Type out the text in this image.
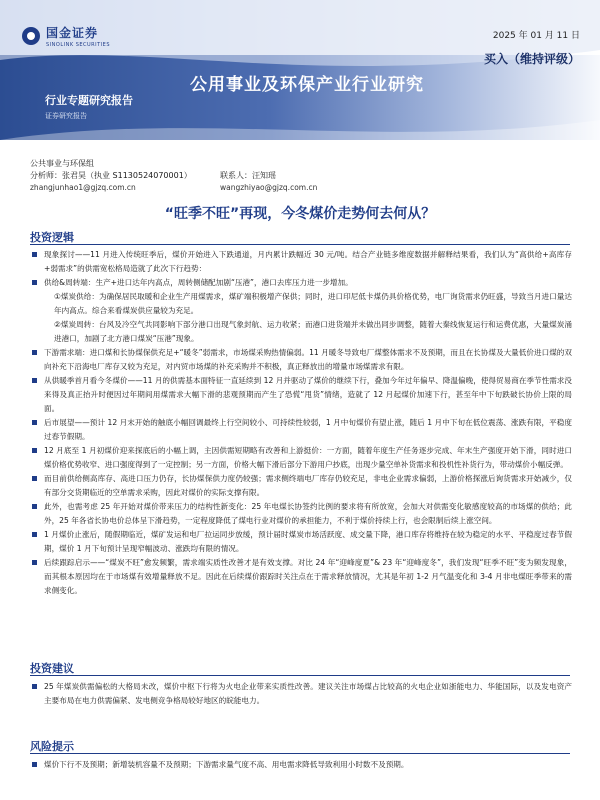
国金证券
SINOLINK SECURITIES
2025 年 01 月 11 日
买入（维持评级）
公用事业及环保产业行业研究
行业专题研究报告
证券研究报告
公共事业与环保组
分析师：张君昊（执业 S1130524070001）
zhangjunhao1@gjzq.com.cn
联系人：汪知瑶
wangzhiyao@gjzq.com.cn
“旺季不旺”再现，今冬煤价走势何去何从？
投资逻辑
现象探讨——11 月进入传统旺季后，煤价开始进入下跌通道，月内累计跌幅近 30 元/吨。结合产业链多维度数据并解释结果看，我们认为“高供给+高库存+弱需求”的供需宽松格局造就了此次下行趋势：
供给&周转端：生产+进口达年内高点，周转侧储配加剧“压港”，港口去库压力进一步增加。
①煤炭供给：为确保居民取暖和企业生产用煤需求，煤矿端积极增产保供；同时，进口印尼低卡煤仍具价格优势，电厂询货需求仍旺盛，导致当月进口量达年内高点。综合来看煤炭供应量较为充足。
②煤炭周转：台风及冷空气共同影响下部分港口出现气象封航、运力收紧；而港口进货端并未做出同步调整，随着大秦线恢复运行和运费优惠，大量煤炭涌进港口，加剧了北方港口煤炭“压港”现象。
下游需求端：进口煤和长协煤保供充足+“暖冬”弱需求，市场煤采购热情偏弱。11 月暖冬导致电厂煤整体需求不及预期，而且在长协煤及大量低价进口煤的双向补充下沿海电厂库存又较为充足，对内贸市场煤的补充采购并不积极，真正释放出的增量市场煤需求有限。
从供暖季首月看今冬煤价——11 月的供需基本面特征一直延续到 12 月并驱动了煤价的继续下行，叠加今年过年偏早、降温偏晚，使得贸易商在季节性需求没来得及真正抬升时便因过年期间用煤需求大幅下滑的悲观预期而产生了恐慌“甩货”情绪，造就了 12 月起煤价加速下行，甚至年中下旬跌破长协价上限的局面。
后市展望——预计 12 月末开始的触底小幅回调最终上行空间较小、可持续性较弱，1 月中旬煤价有望止涨，随后 1 月中下旬在低位震荡、涨跌有限，平稳度过春节假期。
12 月底至 1 月初煤价迎来探底后的小幅上调，主因供需短期略有改善和上游挺价：一方面，随着年度生产任务逐步完成、年末生产强度开始下滑，同时进口煤价格优势收窄、进口强度得到了一定控制；另一方面，价格大幅下滑后部分下游用户抄底，出现少量空单补货需求和投机性补货行为，带动煤价小幅反弹。
而目前供给侧高库存、高进口压力仍存，长协煤保供力度仍较强；需求侧终端电厂库存仍较充足，非电企业需求偏弱，上游价格探涨后询货需求开始减少，仅有部分交货期临近的空单需求采购，因此对煤价的实际支撑有限。
此外，也需考虑 25 年开始对煤价带来压力的结构性新变化：25 年电煤长协签约比例的要求将有所放宽，会加大对供需变化敏感度较高的市场煤的供给；此外，25 年各省长协电价总体呈下滑趋势，一定程度降低了煤电行业对煤价的承担能力，不利于煤价持续上行，也会限制后续上涨空间。
1 月煤价止涨后，随假期临近，煤矿发运和电厂拉运同步放缓，预计届时煤炭市场活跃度、成交量下降，港口库存将维持在较为稳定的水平、平稳度过春节假期，煤价 1 月下旬预计呈现窄幅波动、涨跌均有限的情况。
后续跟踪启示——“煤炭不旺”愈发频繁，需求端实质性改善才是有效支撑。对比 24 年“迎峰度夏”& 23 年“迎峰度冬”，我们发现“旺季不旺”变为频发现象，而其根本原因均在于市场煤有效增量释放不足。因此在后续煤价跟踪时关注点在于需求释放情况，尤其是年初 1-2 月气温变化和 3-4 月非电煤旺季带来的需求侧变化。
投资建议
25 年煤炭供需偏松的大格局未改，煤价中枢下行将为火电企业带来实质性改善。建议关注市场煤占比较高的火电企业如浙能电力、华能国际，以及发电资产主要布局在电力供需偏紧、发电侧竞争格局较好地区的皖能电力。
风险提示
煤价下行不及预期；新增装机容量不及预期；下游需求量气度不高、用电需求降低导致利用小时数不及预期。
